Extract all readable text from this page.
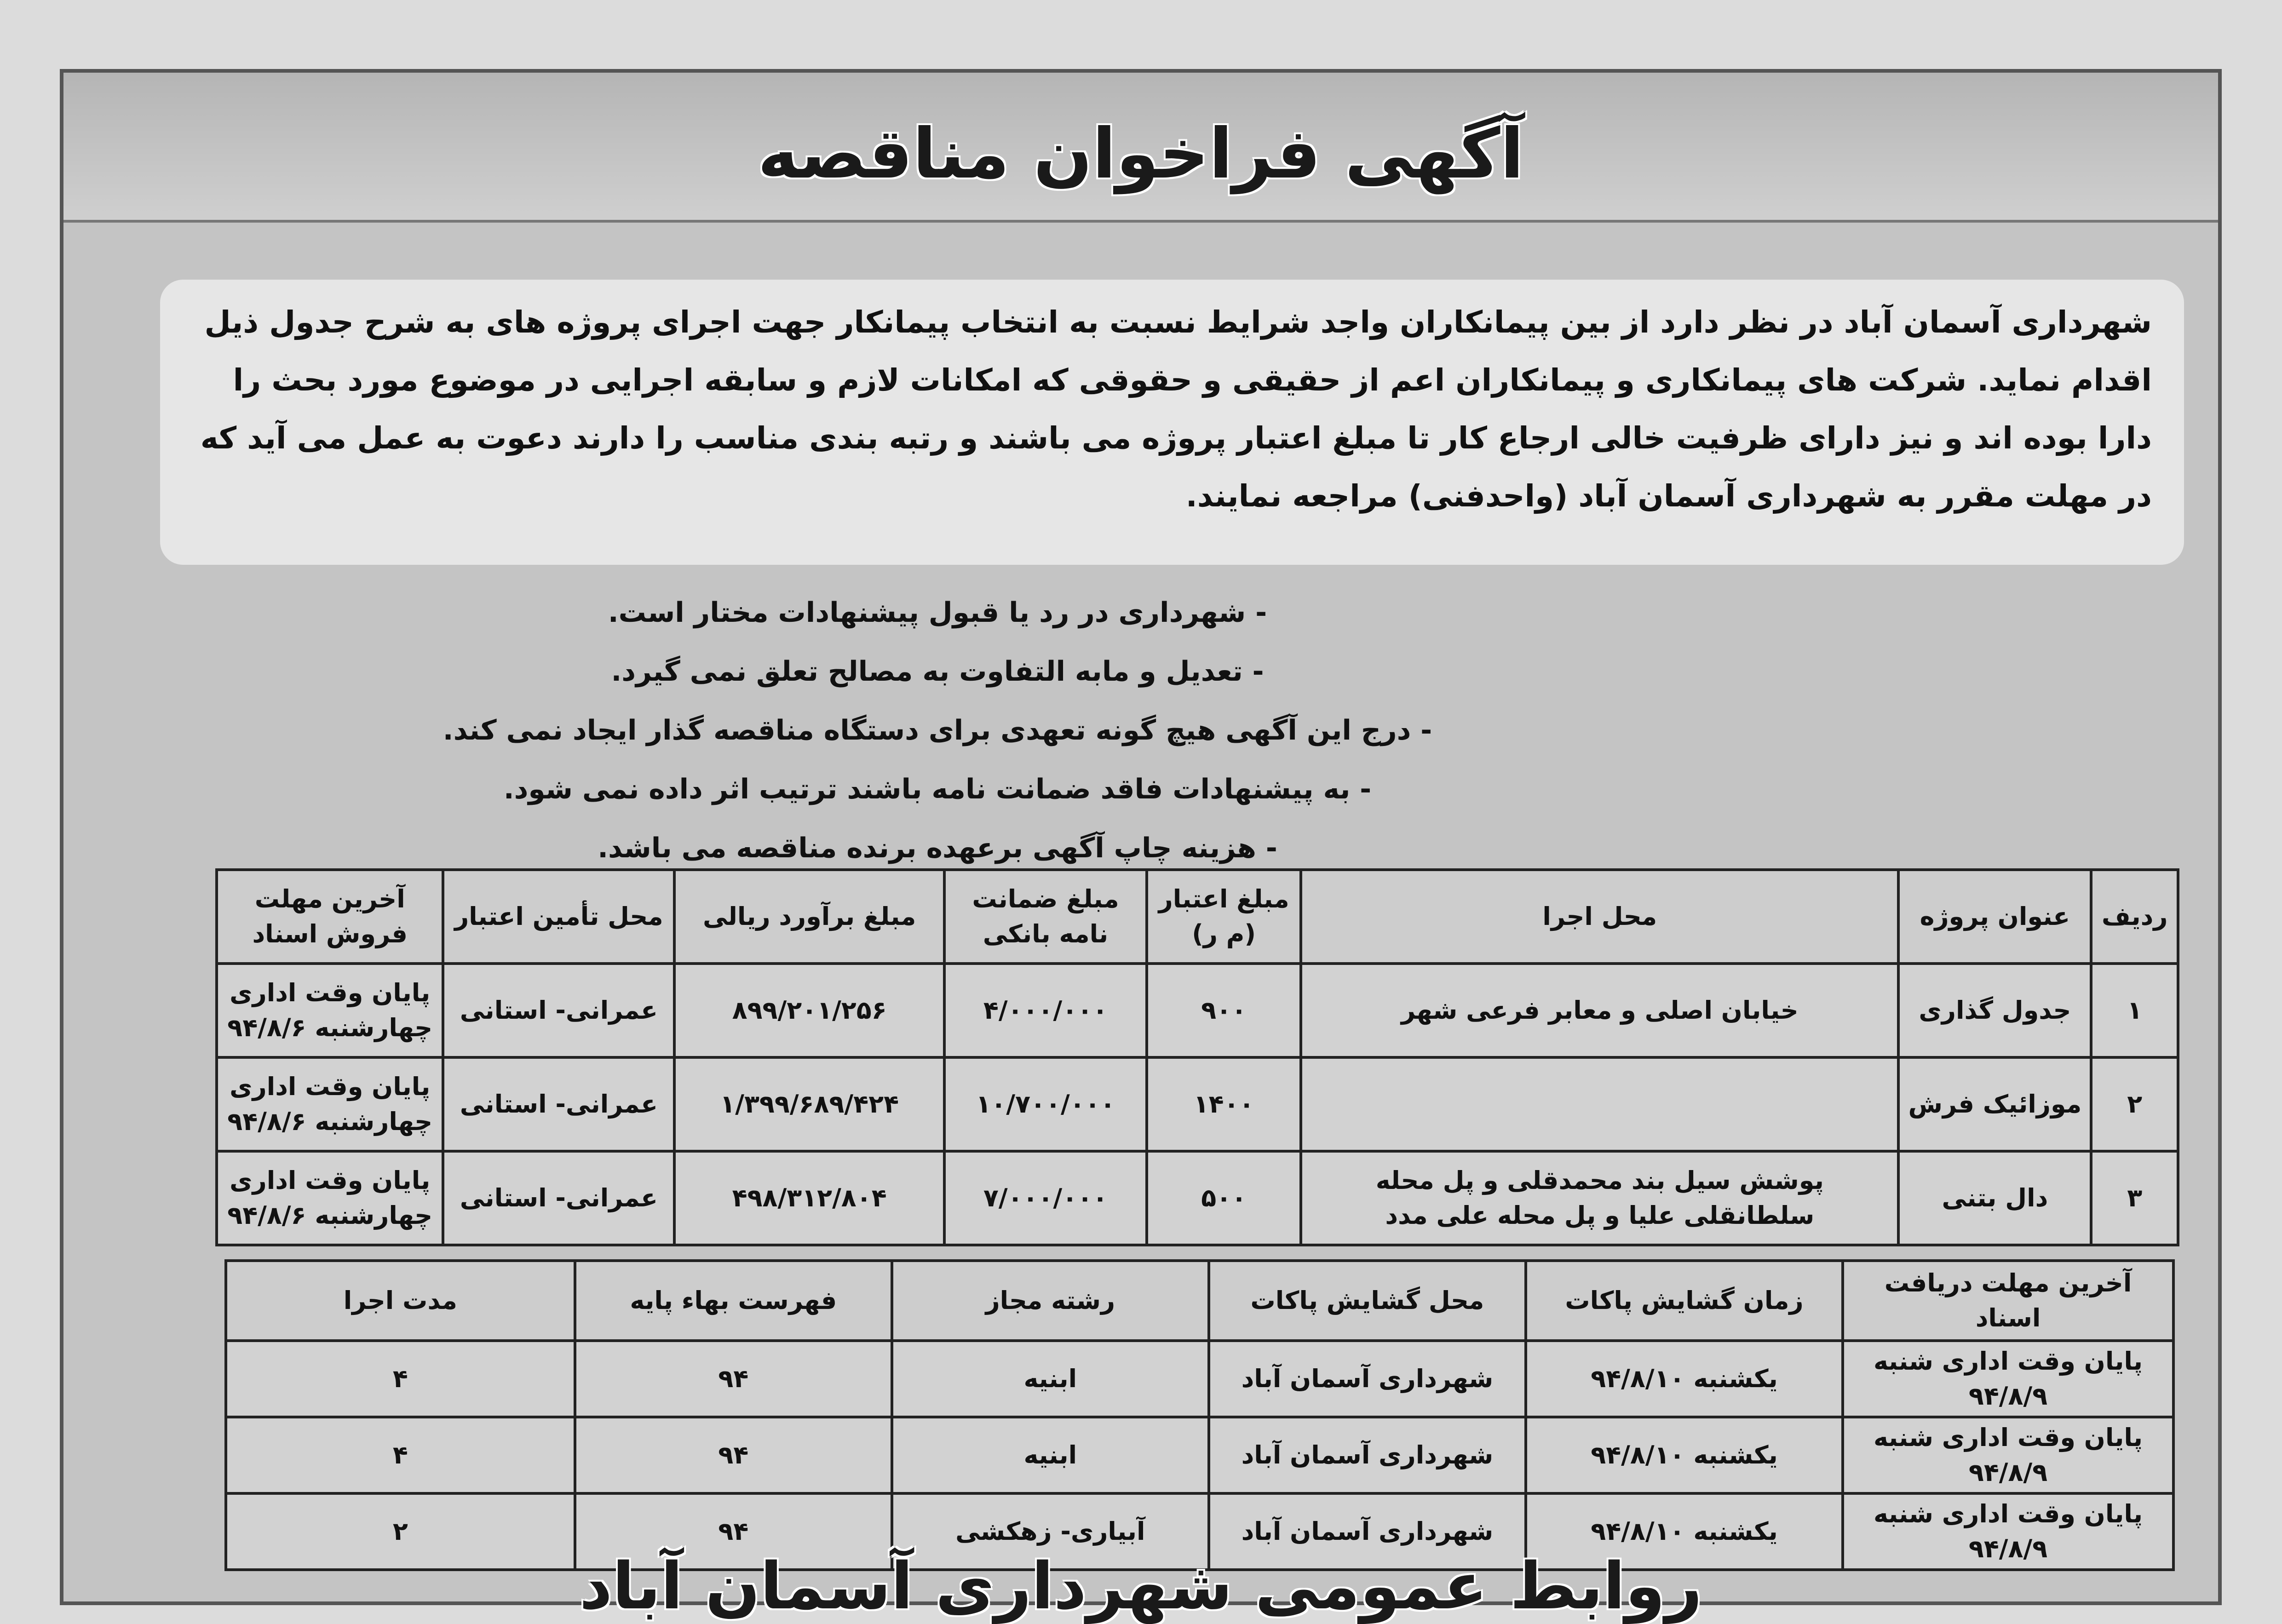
آگهی فراخوان مناقصه
شهرداری آسمان آباد در نظر دارد از بین پیمانکاران واجد شرایط نسبت به انتخاب پیمانکار جهت اجرای پروژه های به شرح جدول ذیل اقدام نماید. شرکت های پیمانکاری و پیمانکاران اعم از حقیقی و حقوقی که امکانات لازم و سابقه اجرایی در موضوع مورد بحث را دارا بوده اند و نیز دارای ظرفیت خالی ارجاع کار تا مبلغ اعتبار پروژه می باشند و رتبه بندی مناسب را دارند دعوت به عمل می آید که در مهلت مقرر به شهرداری آسمان آباد (واحدفنی) مراجعه نمایند.
- شهرداری در رد یا قبول پیشنهادات مختار است.
- تعدیل و مابه التفاوت به مصالح تعلق نمی گیرد.
- درج این آگهی هیچ گونه تعهدی برای دستگاه مناقصه گذار ایجاد نمی کند.
- به پیشنهادات فاقد ضمانت نامه باشند ترتیب اثر داده نمی شود.
- هزینه چاپ آگهی برعهده برنده مناقصه می باشد.
ردیف	عنوان پروژه	محل اجرا	مبلغ اعتبار (م ر)	مبلغ ضمانت نامه بانکی	مبلغ برآورد ریالی	محل تأمین اعتبار	آخرین مهلت فروش اسناد
۱	جدول گذاری	خیابان اصلی و معابر فرعی شهر	۹۰۰	۴/۰۰۰/۰۰۰	۸۹۹/۲۰۱/۲۵۶	عمرانی- استانی	پایان وقت اداری چهارشنبه ۹۴/۸/۶
۲	موزائیک فرش		۱۴۰۰	۱۰/۷۰۰/۰۰۰	۱/۳۹۹/۶۸۹/۴۲۴	عمرانی- استانی	پایان وقت اداری چهارشنبه ۹۴/۸/۶
۳	دال بتنی	پوشش سیل بند محمدقلی و پل محله سلطانقلی علیا و پل محله علی مدد	۵۰۰	۷/۰۰۰/۰۰۰	۴۹۸/۳۱۲/۸۰۴	عمرانی- استانی	پایان وقت اداری چهارشنبه ۹۴/۸/۶
آخرین مهلت دریافت اسناد	زمان گشایش پاکات	محل گشایش پاکات	رشته مجاز	فهرست بهاء پایه	مدت اجرا
پایان وقت اداری شنبه ۹۴/۸/۹	یکشنبه ۹۴/۸/۱۰	شهرداری آسمان آباد	ابنیه	۹۴	۴
پایان وقت اداری شنبه ۹۴/۸/۹	یکشنبه ۹۴/۸/۱۰	شهرداری آسمان آباد	ابنیه	۹۴	۴
پایان وقت اداری شنبه ۹۴/۸/۹	یکشنبه ۹۴/۸/۱۰	شهرداری آسمان آباد	آبیاری- زهکشی	۹۴	۲
روابط عمومی شهرداری آسمان آباد
